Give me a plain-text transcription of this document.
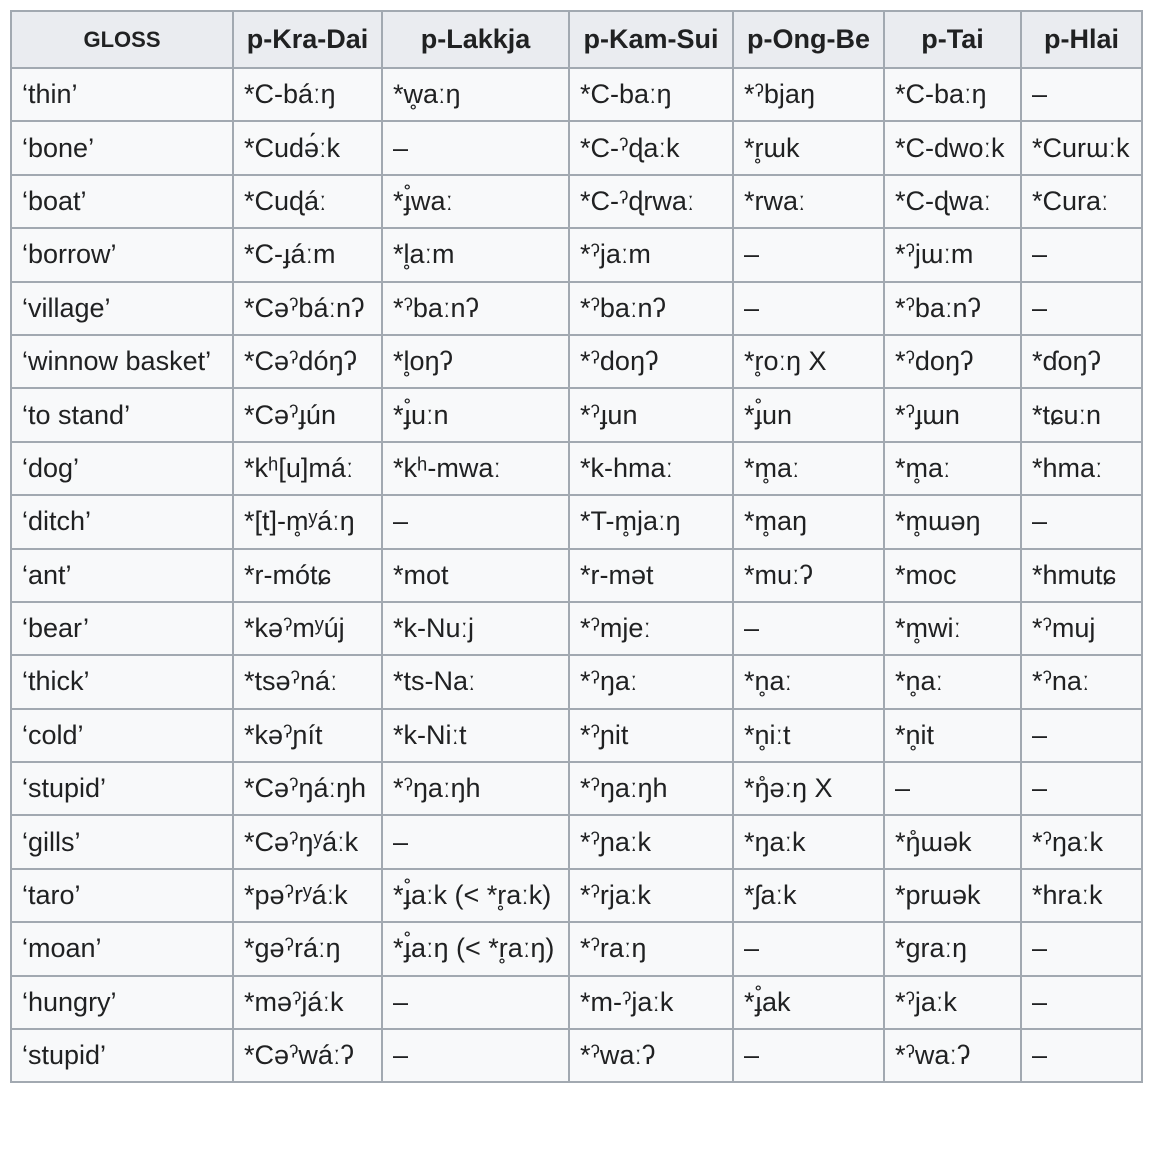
GLOSS	p-Kra-Dai	p-Lakkja	p-Kam-Sui	p-Ong-Be	p-Tai	p-Hlai
‘thin’	*C-báːŋ	*w̥aːŋ	*C-baːŋ	*ˀbjaŋ	*C-baːŋ	–
‘bone’	*Cudə́ːk	–	*C-ˀɖaːk	*r̥ɯk	*C-dwoːk	*Curɯːk
‘boat’	*Cuɖáː	*ɟ̊waː	*C-ˀɖrwaː	*rwaː	*C-ɖwaː	*Curaː
‘borrow’	*C-ɟáːm	*l̥aːm	*ˀjaːm	–	*ˀjɯːm	–
‘village’	*Cəˀbáːnʔ	*ˀbaːnʔ	*ˀbaːnʔ	–	*ˀbaːnʔ	–
‘winnow basket’	*Cəˀdóŋʔ	*l̥oŋʔ	*ˀdoŋʔ	*r̥oːŋ X	*ˀdoŋʔ	*ɗoŋʔ
‘to stand’	*Cəˀɟún	*ɟ̊uːn	*ˀɟun	*ɟ̊un	*ˀɟɯn	*tɕuːn
‘dog’	*kʰ[u]máː	*kʰ-mwaː	*k-hmaː	*m̥aː	*m̥aː	*hmaː
‘ditch’	*[t]-m̥ʸáːŋ	–	*T-m̥jaːŋ	*m̥aŋ	*m̥ɯəŋ	–
‘ant’	*r-mótɕ	*mot	*r-mət	*muːʔ	*moc	*hmutɕ
‘bear’	*kəˀmʸúj	*k-Nuːj	*ˀmjeː	–	*m̥wiː	*ˀmuj
‘thick’	*tsəˀnáː	*ts-Naː	*ˀŋaː	*n̥aː	*n̥aː	*ˀnaː
‘cold’	*kəˀɲít	*k-Niːt	*ˀɲit	*n̥iːt	*n̥it	–
‘stupid’	*Cəˀŋáːŋh	*ˀŋaːŋh	*ˀŋaːŋh	*ŋ̊əːŋ X	–	–
‘gills’	*Cəˀŋʸáːk	–	*ˀɲaːk	*ŋaːk	*ŋ̊ɯək	*ˀŋaːk
‘taro’	*pəˀrʸáːk	*ɟ̊aːk (< *r̥aːk)	*ˀrjaːk	*ʃaːk	*prɯək	*hraːk
‘moan’	*gəˀráːŋ	*ɟ̊aːŋ (< *r̥aːŋ)	*ˀraːŋ	–	*graːŋ	–
‘hungry’	*məˀjáːk	–	*m-ˀjaːk	*ɟ̊ak	*ˀjaːk	–
‘stupid’	*Cəˀwáːʔ	–	*ˀwaːʔ	–	*ˀwaːʔ	–
